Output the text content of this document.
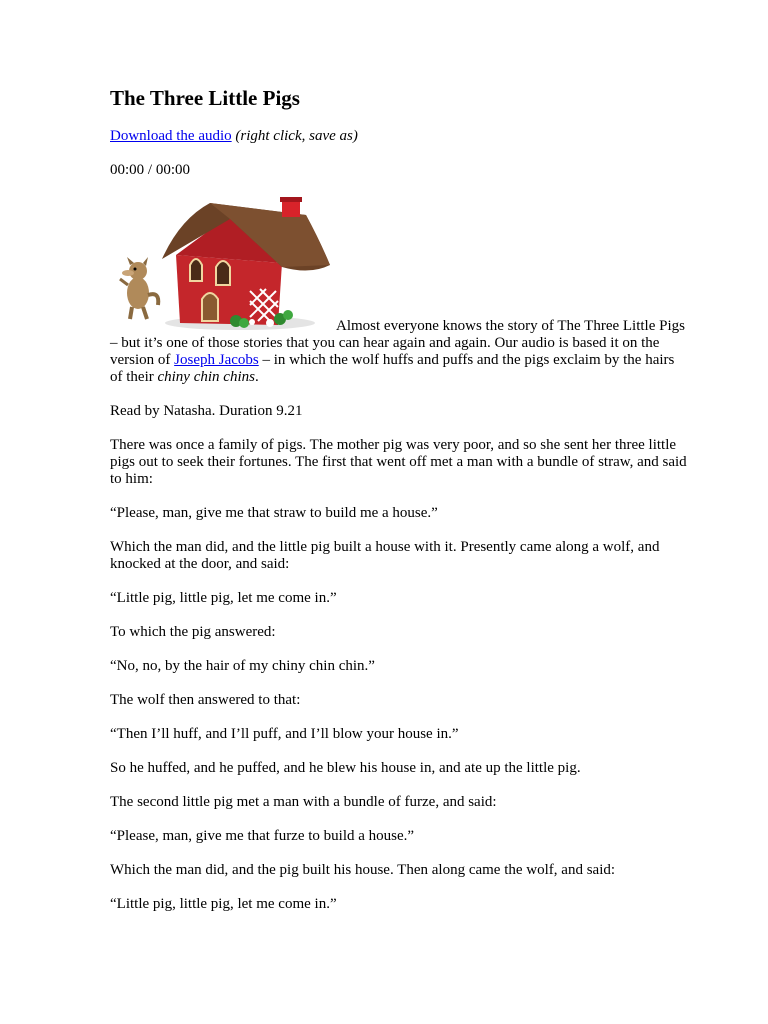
The Three Little Pigs

Download the audio (right click, save as)

00:00 / 00:00

Almost everyone knows the story of The Three Little Pigs – but it’s one of those stories that you can hear again and again. Our audio is based it on the version of Joseph Jacobs – in which the wolf huffs and puffs and the pigs exclaim by the hairs of their chiny chin chins.

Read by Natasha. Duration 9.21

There was once a family of pigs. The mother pig was very poor, and so she sent her three little pigs out to seek their fortunes. The first that went off met a man with a bundle of straw, and said to him:

“Please, man, give me that straw to build me a house.”

Which the man did, and the little pig built a house with it. Presently came along a wolf, and knocked at the door, and said:

“Little pig, little pig, let me come in.”

To which the pig answered:

“No, no, by the hair of my chiny chin chin.”

The wolf then answered to that:

“Then I’ll huff, and I’ll puff, and I’ll blow your house in.”

So he huffed, and he puffed, and he blew his house in, and ate up the little pig.

The second little pig met a man with a bundle of furze, and said:

“Please, man, give me that furze to build a house.”

Which the man did, and the pig built his house. Then along came the wolf, and said:

“Little pig, little pig, let me come in.”
